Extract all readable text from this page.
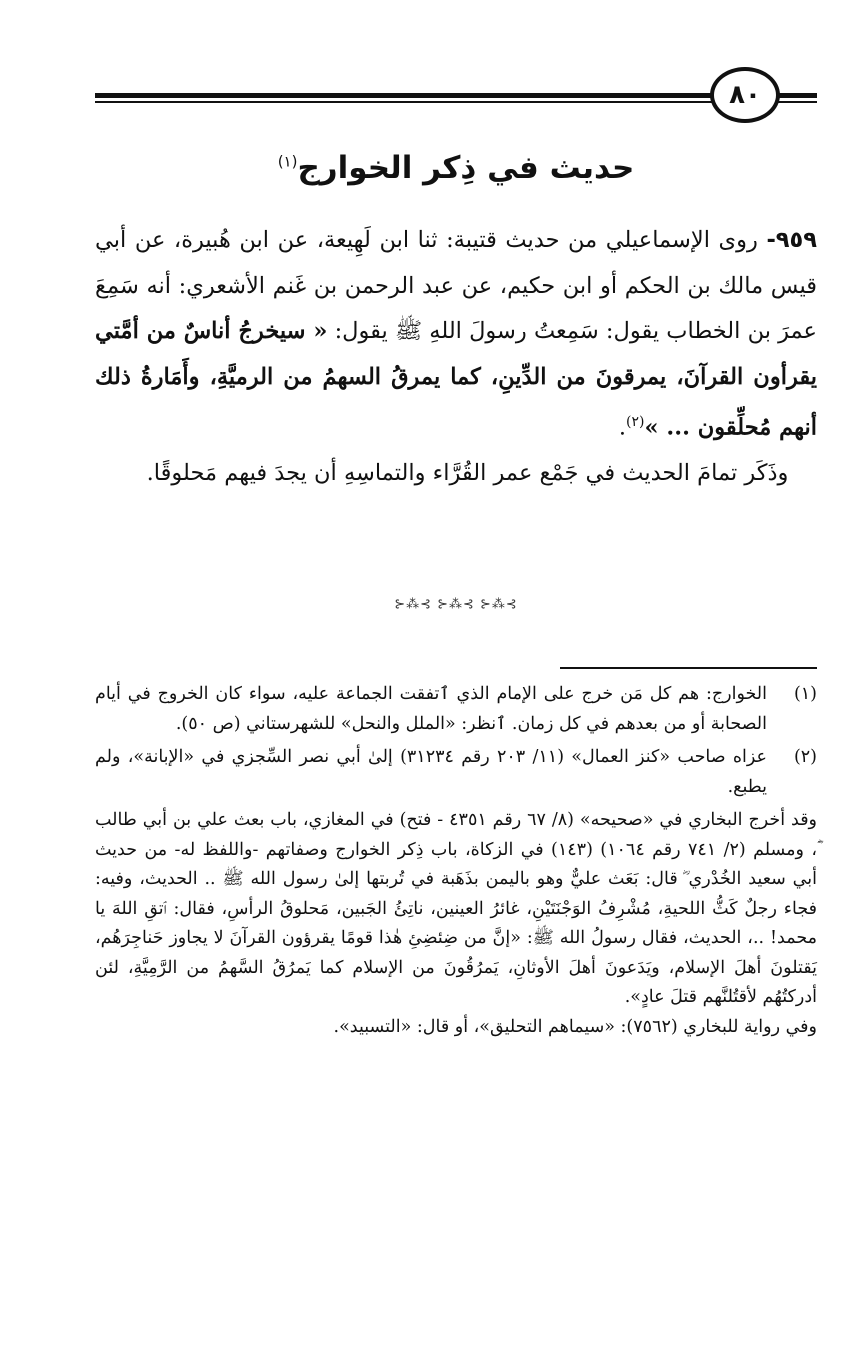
٨٠
حديث في ذِكر الخوارج$^{(١)}$

٩٥٩- روى الإسماعيلي من حديث قتيبة: ثنا ابن لَهِيعة، عن ابن هُبيرة، عن أبي قيس مالك بن الحكم أو ابن حكيم، عن عبد الرحمن بن غَنم الأشعري: أنه سَمِعَ عمرَ بن الخطاب يقول: سَمِعتُ رسولَ اللهِ ﷺ يقول: « سيخرجُ أناسٌ من أمَّتي يقرأون القرآنَ، يمرقونَ من الدِّينِ، كما يمرقُ السهمُ من الرميَّةِ، وأَمَارةُ ذلك أنهم مُحلِّقون ... »$^{(٢)}$.

وذَكَر تمامَ الحديث في جَمْع عمر القُرَّاء والتماسِهِ أن يجدَ فيهم مَحلوقًا.

⊱⁂⊰ ⊱⁂⊰ ⊱⁂⊰
(١)

الخوارج: هم كل مَن خرج على الإمام الذي ٱتفقت الجماعة عليه، سواء كان الخروج في أيام الصحابة أو من بعدهم في كل زمان. ٱنظر: «الملل والنحل» للشهرستاني (ص ٥٠).

(٢)

عزاه صاحب «كنز العمال» (١١/ ٢٠٣ رقم ٣١٢٣٤) إلىٰ أبي نصر السِّجزي في «الإبانة»، ولم يطبع.

وقد أخرج البخاري في «صحيحه» (٨/ ٦٧ رقم ٤٣٥١ - فتح) في المغازي، باب بعث علي بن أبي طالب ؓ، ومسلم (٢/ ٧٤١ رقم ١٠٦٤) (١٤٣) في الزكاة، باب ذِكر الخوارج وصفاتهم -واللفظ له- من حديث أبي سعيد الخُدْري ؓ قال: بَعَث عليٌّ وهو باليمن بذَهَبة في تُربتها إلىٰ رسول الله ﷺ .. الحديث، وفيه: فجاء رجلٌ كَثُّ اللحيةِ، مُشْرِفُ الوَجْنَتَيْنِ، غائرُ العينين، ناتِئُ الجَبين، مَحلوقُ الرأسِ، فقال: ٱتقِ اللهَ يا محمد! ..، الحديث، فقال رسولُ الله ﷺ: «إنَّ من ضِئضِئِ هٰذا قومًا يقرؤون القرآنَ لا يجاوز حَناجِرَهُم، يَقتلونَ أهلَ الإسلام، ويَدَعونَ أهلَ الأوثانِ، يَمرُقُونَ من الإسلام كما يَمرُقُ السَّهمُ من الرَّمِيَّةِ، لئن أدركتُهُم لأقتُلنَّهم قتلَ عادٍ».

وفي رواية للبخاري (٧٥٦٢): «سيماهم التحليق»، أو قال: «التسبيد».
